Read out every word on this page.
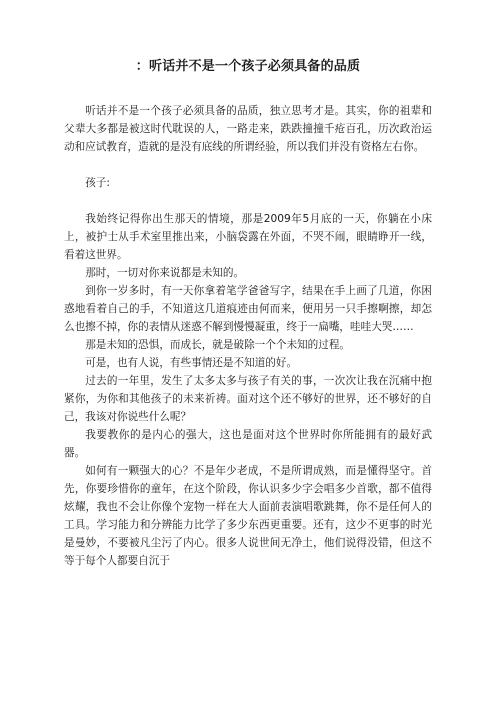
：听话并不是一个孩子必须具备的品质

听话并不是一个孩子必须具备的品质，独立思考才是。其实，你的祖辈和父辈大多都是被这时代耽误的人，一路走来，跌跌撞撞千疮百孔，历次政治运动和应试教育，造就的是没有底线的所谓经验，所以我们并没有资格左右你。

孩子:

我始终记得你出生那天的情境，那是2009年5月底的一天，你躺在小床上，被护士从手术室里推出来，小脑袋露在外面，不哭不闹，眼睛睁开一线，看着这世界。

那时，一切对你来说都是未知的。

到你一岁多时，有一天你拿着笔学爸爸写字，结果在手上画了几道，你困惑地看着自己的手，不知道这几道痕迹由何而来，便用另一只手擦啊擦，却怎么也擦不掉，你的表情从迷惑不解到慢慢凝重，终于一扁嘴，哇哇大哭……

那是未知的恐惧，而成长，就是破除一个个未知的过程。

可是，也有人说，有些事情还是不知道的好。

过去的一年里，发生了太多太多与孩子有关的事，一次次让我在沉痛中抱紧你，为你和其他孩子的未来祈祷。面对这个还不够好的世界，还不够好的自己，我该对你说些什么呢？

我要教你的是内心的强大，这也是面对这个世界时你所能拥有的最好武器。

如何有一颗强大的心？不是年少老成，不是所谓成熟，而是懂得坚守。首先，你要珍惜你的童年，在这个阶段，你认识多少字会唱多少首歌，都不值得炫耀，我也不会让你像个宠物一样在大人面前表演唱歌跳舞，你不是任何人的工具。学习能力和分辨能力比学了多少东西更重要。还有，这少不更事的时光是曼妙，不要被凡尘污了内心。很多人说世间无净土，他们说得没错，但这不等于每个人都要自沉于
